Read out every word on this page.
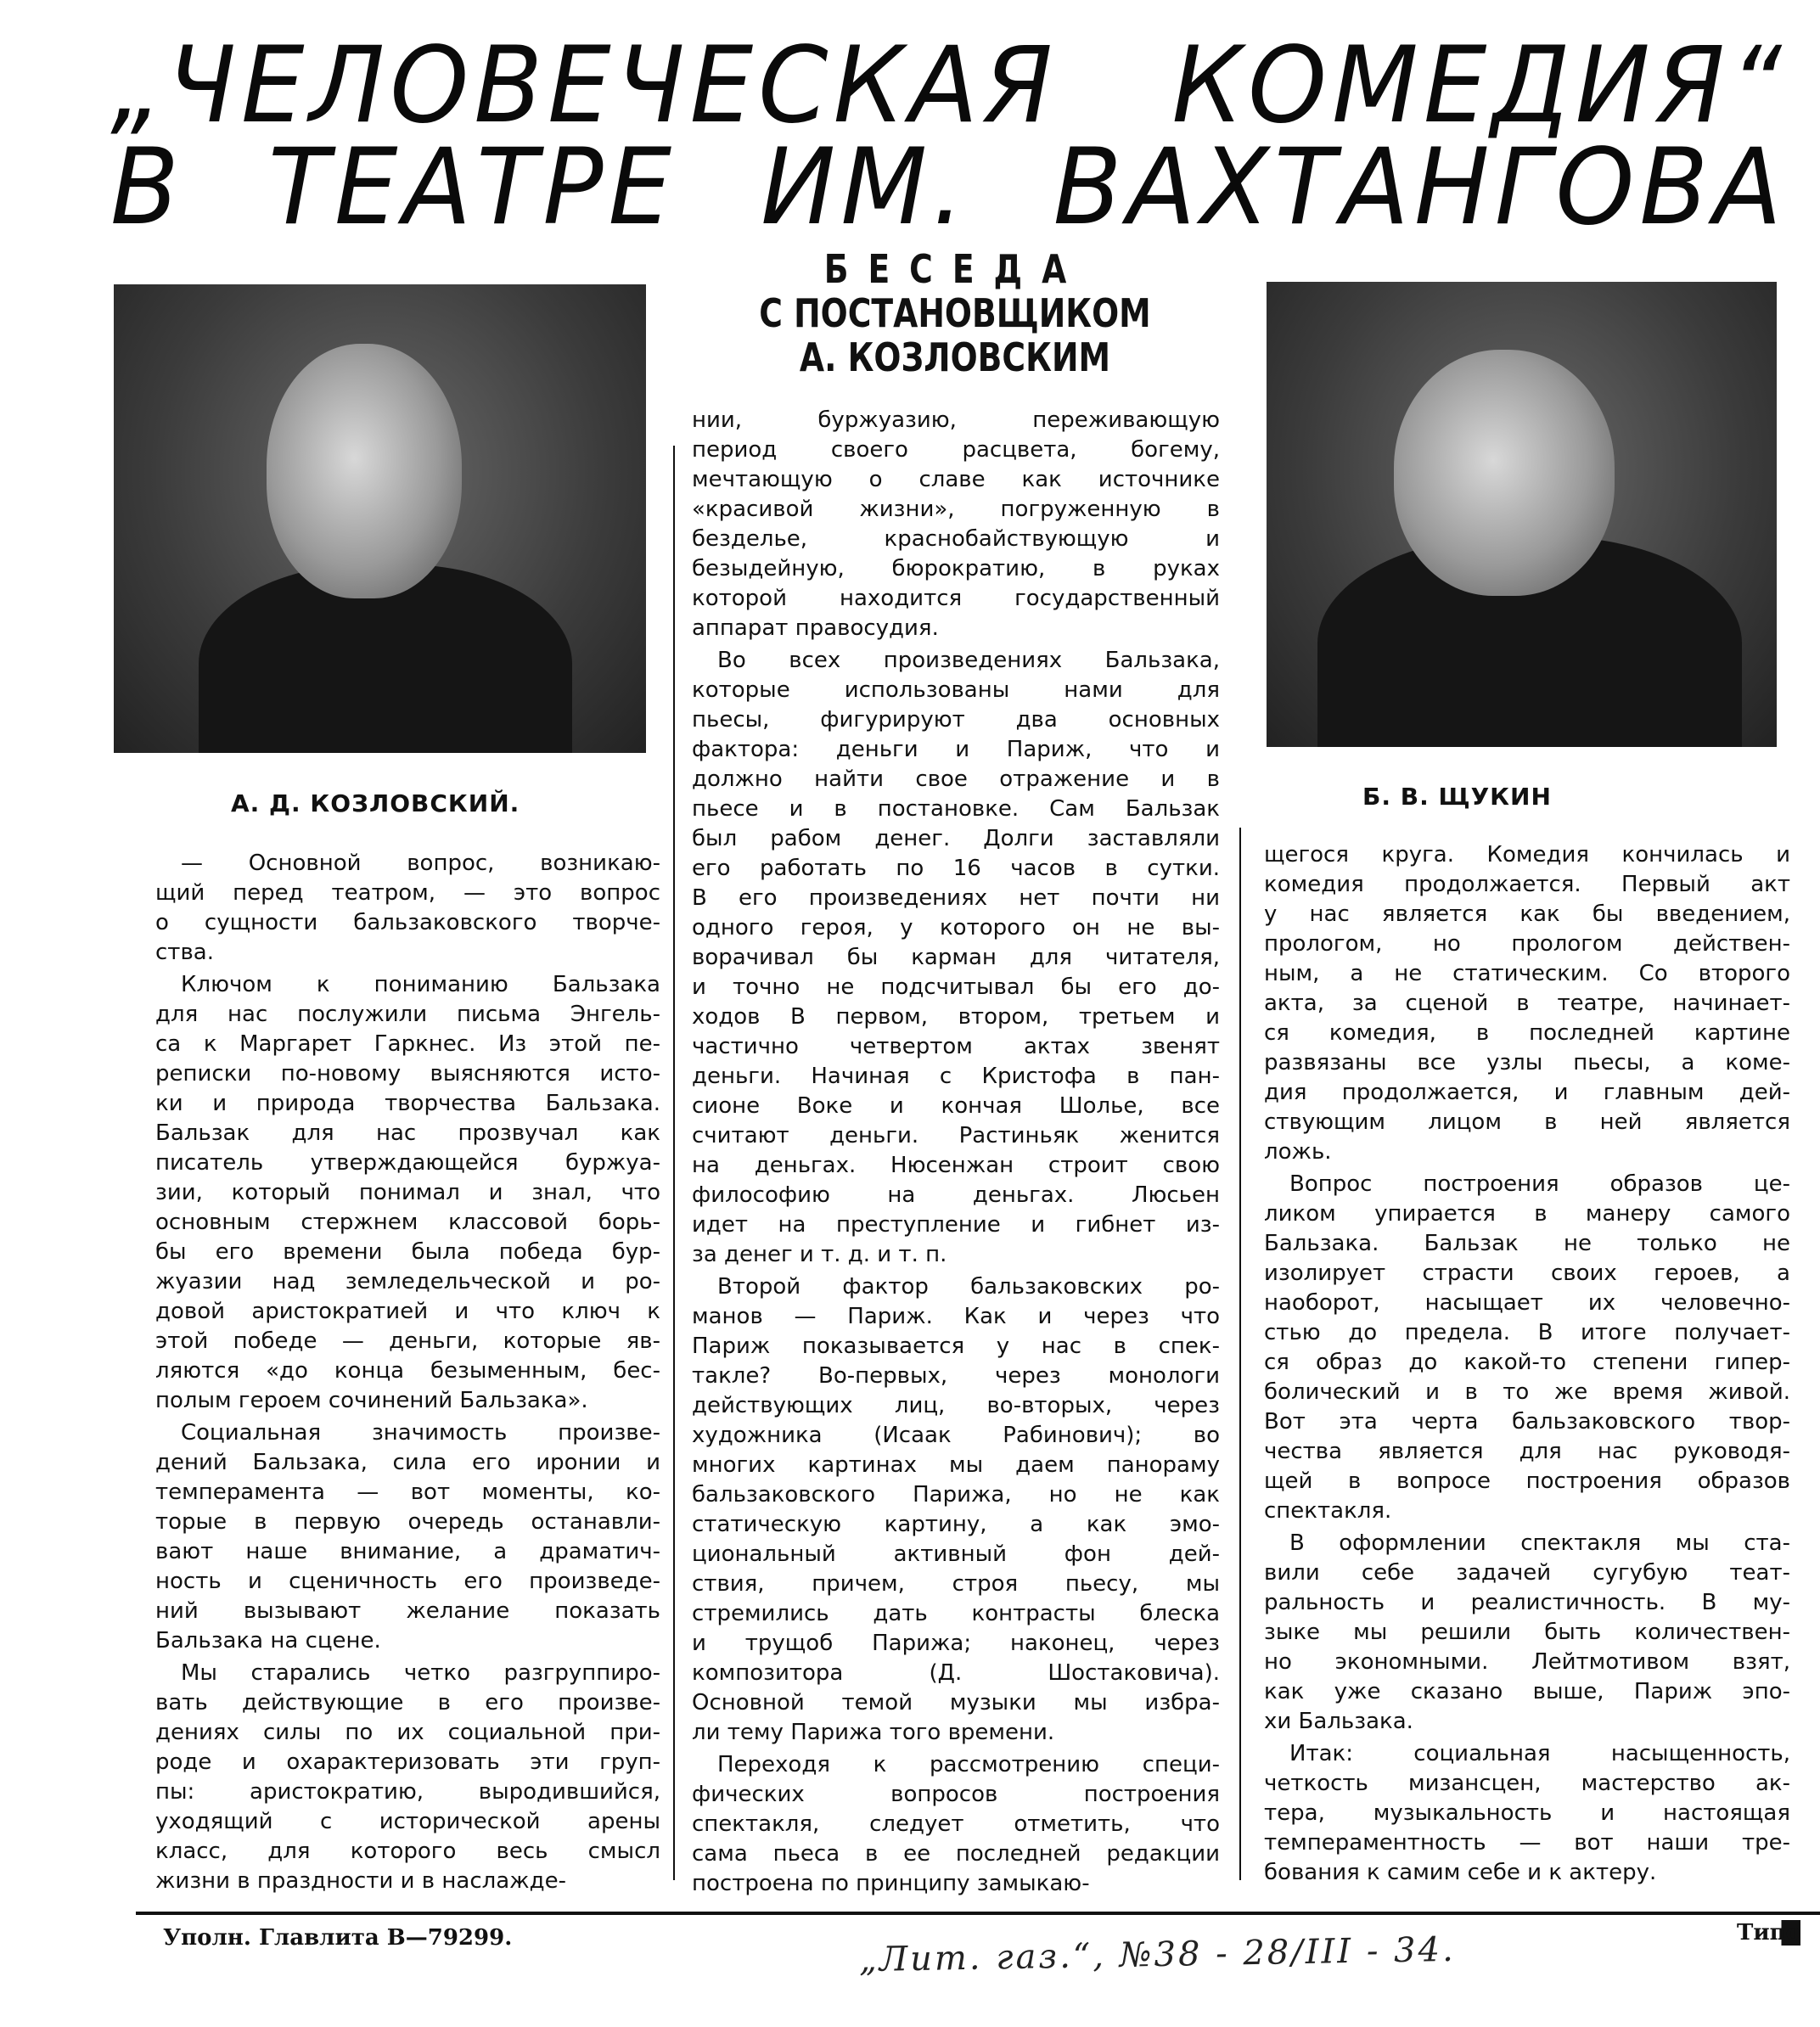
„ЧЕЛОВЕЧЕСКАЯ КОМЕДИЯ“
В ТЕАТРЕ ИМ. ВАХТАНГОВА
А. Д. КОЗЛОВСКИЙ.
БЕСЕДА
С ПОСТАНОВЩИКОМ
А. КОЗЛОВСКИМ
Б. В. ЩУКИН
— Основной вопрос, возникаю-
щий перед театром, — это вопрос
о сущности бальзаковского творче-
ства.
Ключом к пониманию Бальзака
для нас послужили письма Энгель-
са к Маргарет Гаркнес. Из этой пе-
реписки по-новому выясняются исто-
ки и природа творчества Бальзака.
Бальзак для нас прозвучал как
писатель утверждающейся буржуа-
зии, который понимал и знал, что
основным стержнем классовой борь-
бы его времени была победа бур-
жуазии над земледельческой и ро-
довой аристократией и что ключ к
этой победе — деньги, которые яв-
ляются «до конца безыменным, бес-
полым героем сочинений Бальзака».
Социальная значимость произве-
дений Бальзака, сила его иронии и
темперамента — вот моменты, ко-
торые в первую очередь останавли-
вают наше внимание, а драматич-
ность и сценичность его произведе-
ний вызывают желание показать
Бальзака на сцене.
Мы старались четко разгруппиро-
вать действующие в его произве-
дениях силы по их социальной при-
роде и охарактеризовать эти груп-
пы: аристократию, выродившийся,
уходящий с исторической арены
класс, для которого весь смысл
жизни в праздности и в наслажде-
нии, буржуазию, переживающую
период своего расцвета, богему,
мечтающую о славе как источнике
«красивой жизни», погруженную в
безделье, краснобайствующую и
безыдейную, бюрократию, в руках
которой находится государственный
аппарат правосудия.
Во всех произведениях Бальзака,
которые использованы нами для
пьесы, фигурируют два основных
фактора: деньги и Париж, что и
должно найти свое отражение и в
пьесе и в постановке. Сам Бальзак
был рабом денег. Долги заставляли
его работать по 16 часов в сутки.
В его произведениях нет почти ни
одного героя, у которого он не вы-
ворачивал бы карман для читателя,
и точно не подсчитывал бы его до-
ходов В первом, втором, третьем и
частично четвертом актах звенят
деньги. Начиная с Кристофа в пан-
сионе Воке и кончая Шолье, все
считают деньги. Растиньяк женится
на деньгах. Нюсенжан строит свою
философию на деньгах. Люсьен
идет на преступление и гибнет из-
за денег и т. д. и т. п.
Второй фактор бальзаковских ро-
манов — Париж. Как и через что
Париж показывается у нас в спек-
такле? Во-первых, через монологи
действующих лиц, во-вторых, через
художника (Исаак Рабинович); во
многих картинах мы даем панораму
бальзаковского Парижа, но не как
статическую картину, а как эмо-
циональный активный фон дей-
ствия, причем, строя пьесу, мы
стремились дать контрасты блеска
и трущоб Парижа; наконец, через
композитора (Д. Шостаковича).
Основной темой музыки мы избра-
ли тему Парижа того времени.
Переходя к рассмотрению специ-
фических вопросов построения
спектакля, следует отметить, что
сама пьеса в ее последней редакции
построена по принципу замыкаю-
щегося круга. Комедия кончилась и
комедия продолжается. Первый акт
у нас является как бы введением,
прологом, но прологом действен-
ным, а не статическим. Со второго
акта, за сценой в театре, начинает-
ся комедия, в последней картине
развязаны все узлы пьесы, а коме-
дия продолжается, и главным дей-
ствующим лицом в ней является
ложь.
Вопрос построения образов це-
ликом упирается в манеру самого
Бальзака. Бальзак не только не
изолирует страсти своих героев, а
наоборот, насыщает их человечно-
стью до предела. В итоге получает-
ся образ до какой-то степени гипер-
болический и в то же время живой.
Вот эта черта бальзаковского твор-
чества является для нас руководя-
щей в вопросе построения образов
спектакля.
В оформлении спектакля мы ста-
вили себе задачей сугубую теат-
ральность и реалистичность. В му-
зыке мы решили быть количествен-
но экономными. Лейтмотивом взят,
как уже сказано выше, Париж эпо-
хи Бальзака.
Итак: социальная насыщенность,
четкость мизансцен, мастерство ак-
тера, музыкальность и настоящая
темпераментность — вот наши тре-
бования к самим себе и к актеру.
Уполн. Главлита В—79299.	„Лит. газ.“, №38 - 28/III - 34.	Типо
